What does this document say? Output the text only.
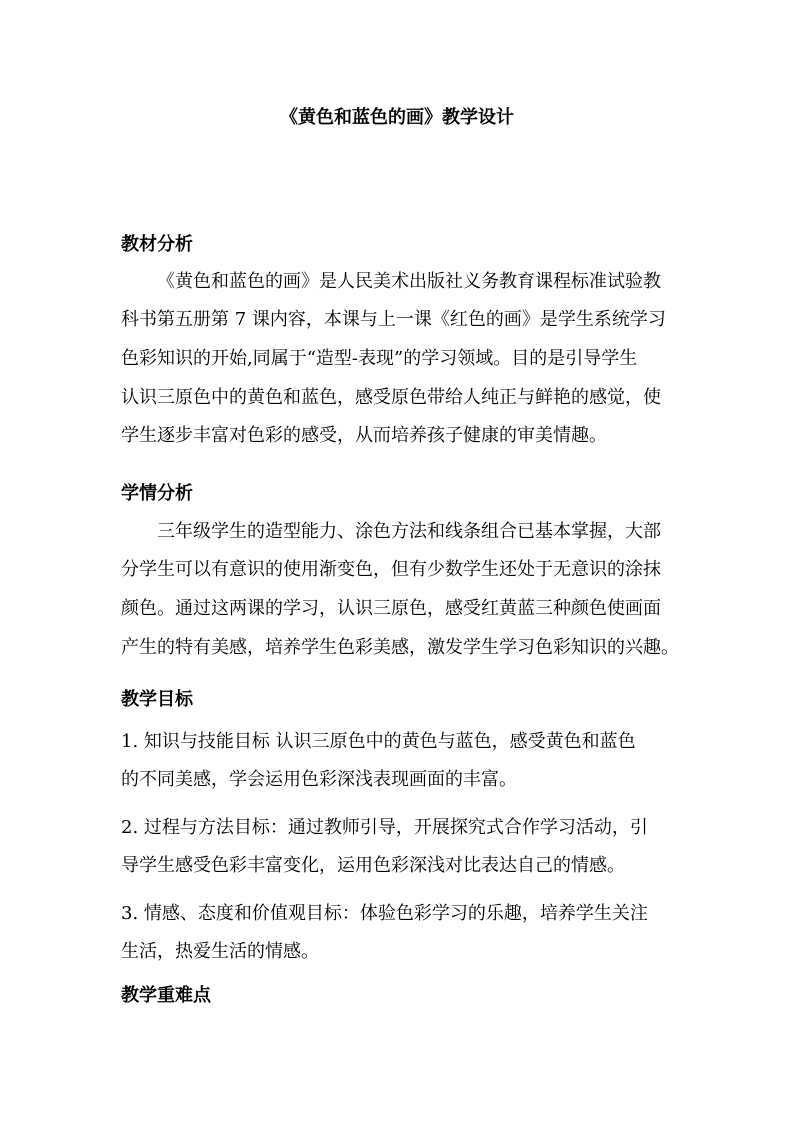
《黄色和蓝色的画》教学设计
教材分析
《黄色和蓝色的画》是人民美术出版社义务教育课程标准试验教
科书第五册第 7 课内容，本课与上一课《红色的画》是学生系统学习
色彩知识的开始,同属于“造型-表现”的学习领域。目的是引导学生
认识三原色中的黄色和蓝色，感受原色带给人纯正与鲜艳的感觉，使
学生逐步丰富对色彩的感受，从而培养孩子健康的审美情趣。
学情分析
三年级学生的造型能力、涂色方法和线条组合已基本掌握，大部
分学生可以有意识的使用渐变色，但有少数学生还处于无意识的涂抹
颜色。通过这两课的学习，认识三原色，感受红黄蓝三种颜色使画面
产生的特有美感，培养学生色彩美感，激发学生学习色彩知识的兴趣。
教学目标
1. 知识与技能目标 认识三原色中的黄色与蓝色，感受黄色和蓝色
的不同美感，学会运用色彩深浅表现画面的丰富。
2. 过程与方法目标：通过教师引导，开展探究式合作学习活动，引
导学生感受色彩丰富变化，运用色彩深浅对比表达自己的情感。
3. 情感、态度和价值观目标：体验色彩学习的乐趣，培养学生关注
生活，热爱生活的情感。
教学重难点
